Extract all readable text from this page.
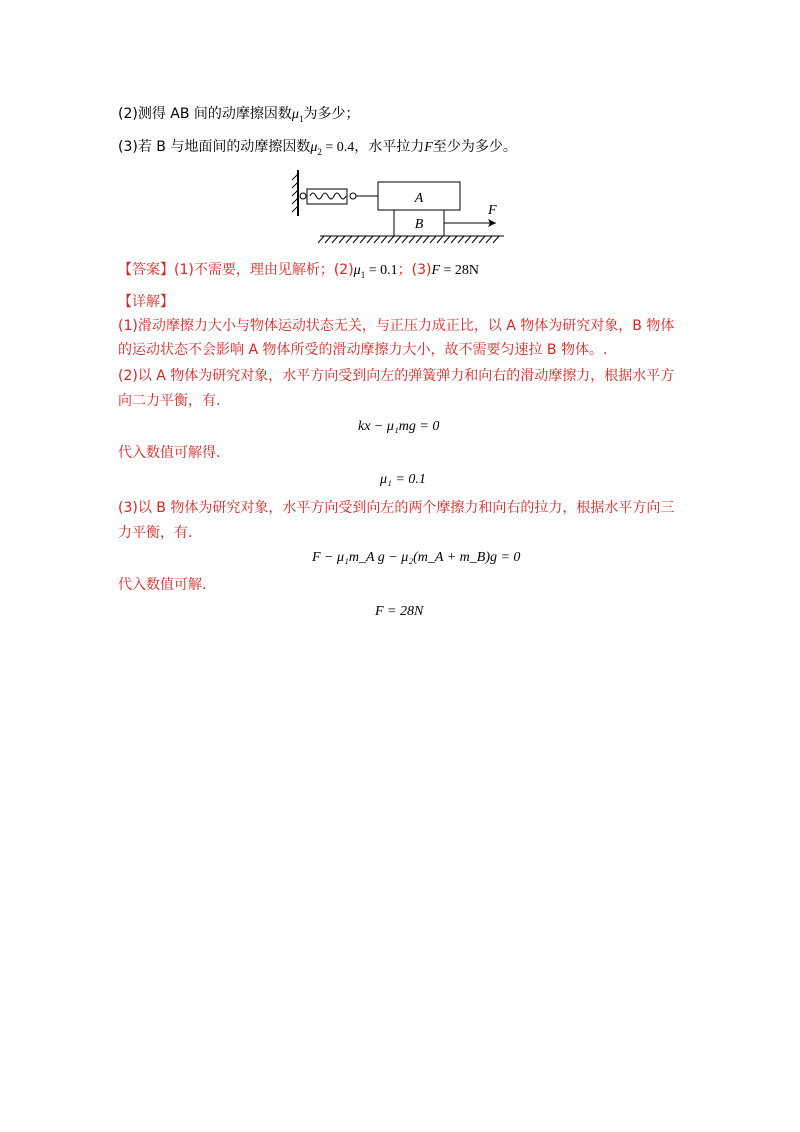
(2)测得 AB 间的动摩擦因数$\mu_1$为多少；
(3)若 B 与地面间的动摩擦因数$\mu_2 = 0.4$，水平拉力F至少为多少。
A
B
F
【答案】(1)不需要，理由见解析；$(2)\mu_1 = 0.1$；(3)F = 28N
【详解】
(1)滑动摩擦力大小与物体运动状态无关，与正压力成正比，以 A 物体为研究对象，B 物体
的运动状态不会影响 A 物体所受的滑动摩擦力大小，故不需要匀速拉 B 物体。.
(2)以 A 物体为研究对象，水平方向受到向左的弹簧弹力和向右的滑动摩擦力，根据水平方
向二力平衡，有.
kx − μ₁mg = 0
代入数值可解得.
μ₁ = 0.1
(3)以 B 物体为研究对象，水平方向受到向左的两个摩擦力和向右的拉力，根据水平方向三
力平衡，有.
F − μ₁m_A g − μ₂(m_A + m_B)g = 0
代入数值可解.
F = 28N
